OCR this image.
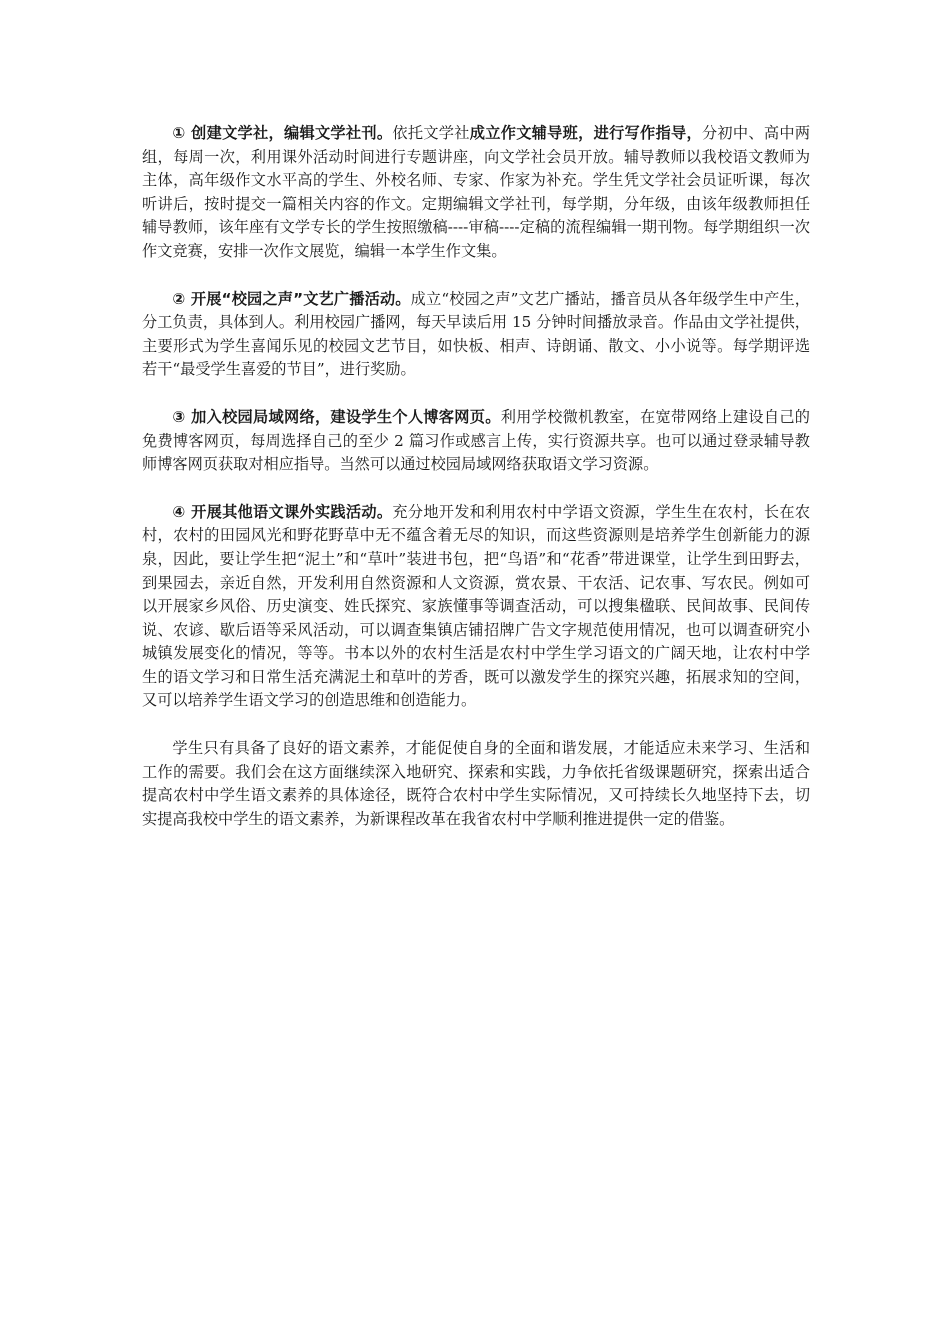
① 创建文学社，编辑文学社刊。依托文学社成立作文辅导班，进行写作指导，分初中、高中两组，每周一次，利用课外活动时间进行专题讲座，向文学社会员开放。辅导教师以我校语文教师为主体，高年级作文水平高的学生、外校名师、专家、作家为补充。学生凭文学社会员证听课，每次听讲后，按时提交一篇相关内容的作文。定期编辑文学社刊，每学期，分年级，由该年级教师担任辅导教师，该年座有文学专长的学生按照缴稿----审稿----定稿的流程编辑一期刊物。每学期组织一次作文竞赛，安排一次作文展览，编辑一本学生作文集。

② 开展“校园之声”文艺广播活动。成立“校园之声”文艺广播站，播音员从各年级学生中产生，分工负责，具体到人。利用校园广播网，每天早读后用 15 分钟时间播放录音。作品由文学社提供，主要形式为学生喜闻乐见的校园文艺节目，如快板、相声、诗朗诵、散文、小小说等。每学期评选若干“最受学生喜爱的节目”，进行奖励。

③ 加入校园局域网络，建设学生个人博客网页。利用学校微机教室，在宽带网络上建设自己的免费博客网页，每周选择自己的至少 2 篇习作或感言上传，实行资源共享。也可以通过登录辅导教师博客网页获取对相应指导。当然可以通过校园局域网络获取语文学习资源。

④ 开展其他语文课外实践活动。充分地开发和利用农村中学语文资源，学生生在农村，长在农村，农村的田园风光和野花野草中无不蕴含着无尽的知识，而这些资源则是培养学生创新能力的源泉，因此，要让学生把“泥土”和“草叶”装进书包，把“鸟语”和“花香”带进课堂，让学生到田野去，到果园去，亲近自然，开发利用自然资源和人文资源，赏农景、干农活、记农事、写农民。例如可以开展家乡风俗、历史演变、姓氏探究、家族懂事等调查活动，可以搜集楹联、民间故事、民间传说、农谚、歇后语等采风活动，可以调查集镇店铺招牌广告文字规范使用情况，也可以调查研究小城镇发展变化的情况，等等。书本以外的农村生活是农村中学生学习语文的广阔天地，让农村中学生的语文学习和日常生活充满泥土和草叶的芳香，既可以激发学生的探究兴趣，拓展求知的空间，又可以培养学生语文学习的创造思维和创造能力。

学生只有具备了良好的语文素养，才能促使自身的全面和谐发展，才能适应未来学习、生活和工作的需要。我们会在这方面继续深入地研究、探索和实践，力争依托省级课题研究，探索出适合提高农村中学生语文素养的具体途径，既符合农村中学生实际情况，又可持续长久地坚持下去，切实提高我校中学生的语文素养，为新课程改革在我省农村中学顺利推进提供一定的借鉴。
